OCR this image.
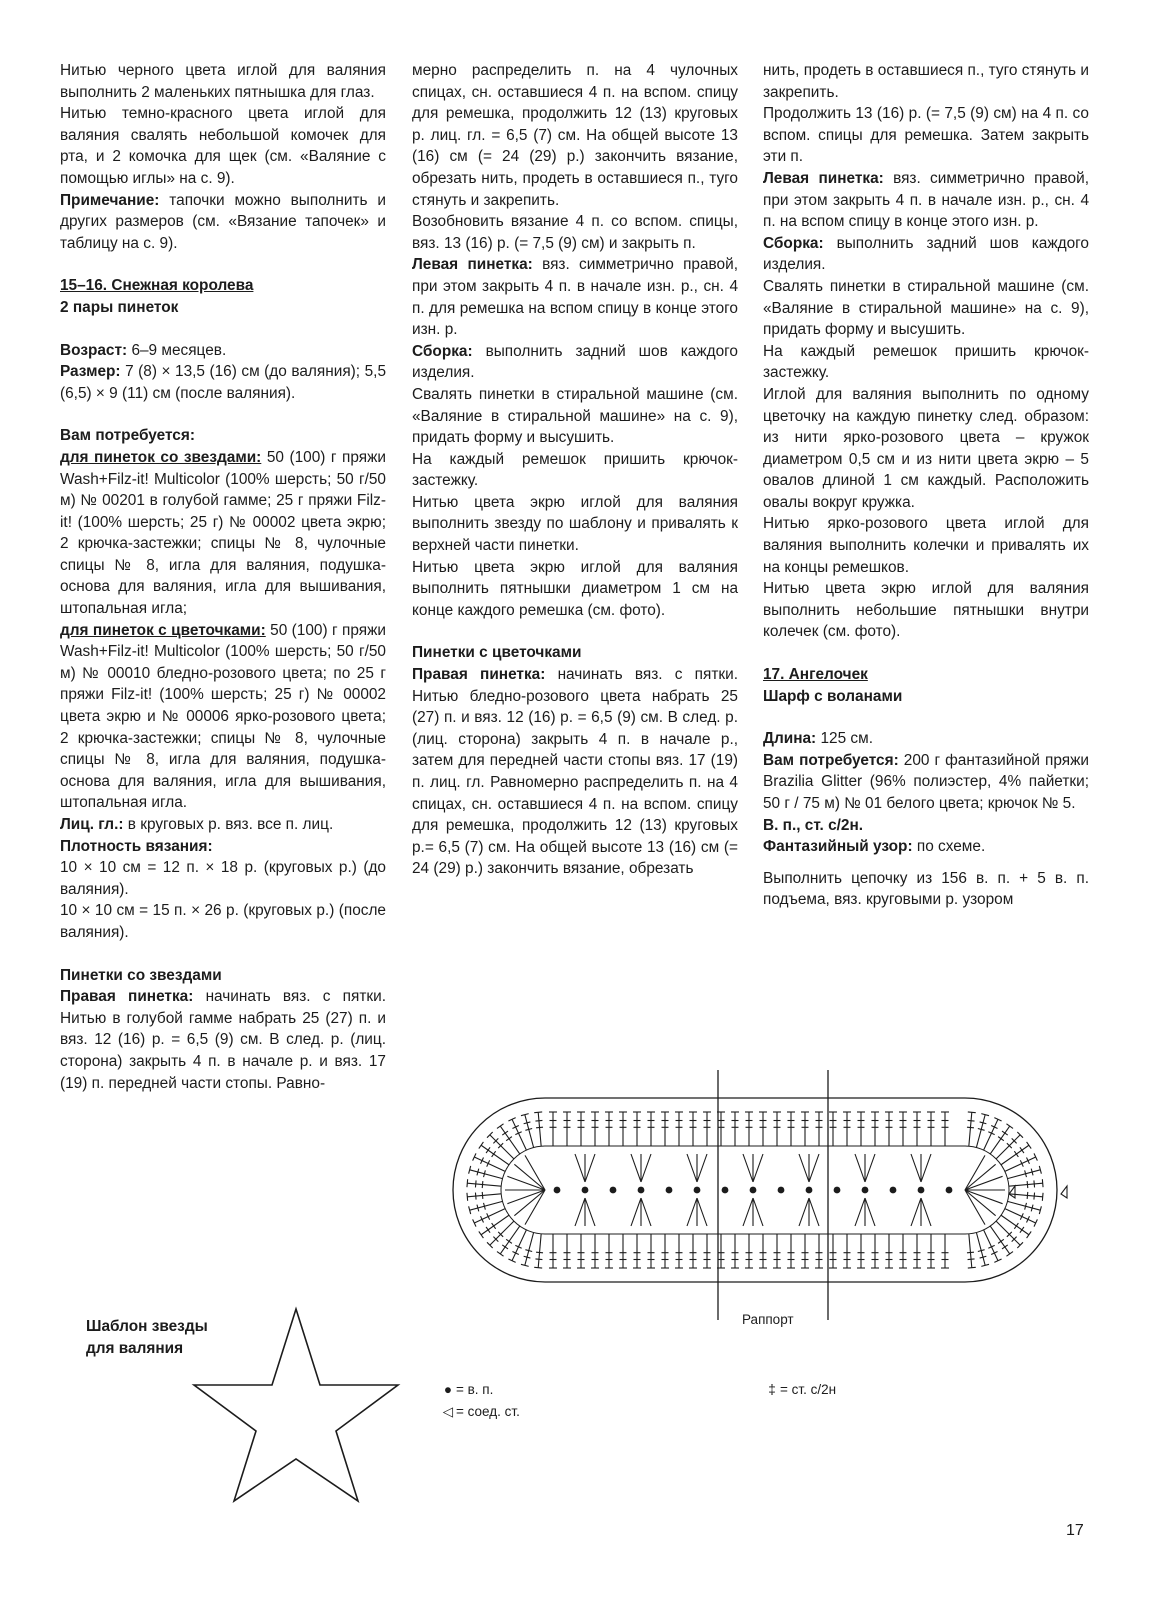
Нитью черного цвета иглой для валяния выполнить 2 маленьких пятнышка для глаз.

Нитью темно-красного цвета иглой для валяния свалять небольшой комочек для рта, и 2 комочка для щек (см. «Валяние с помощью иглы» на с. 9).

Примечание: тапочки можно выполнить и других размеров (см. «Вязание тапочек» и таблицу на с. 9).

15–16. Снежная королева

2 пары пинеток

Возраст: 6–9 месяцев.

Размер: 7 (8) × 13,5 (16) см (до валяния); 5,5 (6,5) × 9 (11) см (после валяния).

Вам потребуется:

для пинеток со звездами: 50 (100) г пряжи Wash+Filz-it! Multicolor (100% шерсть; 50 г/50 м) № 00201 в голубой гамме; 25 г пряжи Filz-it! (100% шерсть; 25 г) № 00002 цвета экрю; 2 крючка-застежки; спицы № 8, чулочные спицы № 8, игла для валяния, подушка-основа для валяния, игла для вышивания, штопальная игла;

для пинеток с цветочками: 50 (100) г пряжи Wash+Filz-it! Multicolor (100% шерсть; 50 г/50 м) № 00010 бледно-розового цвета; по 25 г пряжи Filz-it! (100% шерсть; 25 г) № 00002 цвета экрю и № 00006 ярко-розового цвета; 2 крючка-застежки; спицы № 8, чулочные спицы № 8, игла для валяния, подушка-основа для валяния, игла для вышивания, штопальная игла.

Лиц. гл.: в круговых р. вяз. все п. лиц.

Плотность вязания:

10 × 10 см = 12 п. × 18 р. (круговых р.) (до валяния).

10 × 10 см = 15 п. × 26 р. (круговых р.) (после валяния).

Пинетки со звездами

Правая пинетка: начинать вяз. с пятки. Нитью в голубой гамме набрать 25 (27) п. и вяз. 12 (16) р. = 6,5 (9) см. В след. р. (лиц. сторона) закрыть 4 п. в начале р. и вяз. 17 (19) п. передней части стопы. Равно-

мерно распределить п. на 4 чулочных спицах, сн. оставшиеся 4 п. на вспом. спицу для ремешка, продолжить 12 (13) круговых р. лиц. гл. = 6,5 (7) см. На общей высоте 13 (16) см (= 24 (29) р.) закончить вязание, обрезать нить, продеть в оставшиеся п., туго стянуть и закрепить.

Возобновить вязание 4 п. со вспом. спицы, вяз. 13 (16) р. (= 7,5 (9) см) и закрыть п.

Левая пинетка: вяз. симметрично правой, при этом закрыть 4 п. в начале изн. р., сн. 4 п. для ремешка на вспом спицу в конце этого изн. р.

Сборка: выполнить задний шов каждого изделия.

Свалять пинетки в стиральной машине (см. «Валяние в стиральной машине» на с. 9), придать форму и высушить.

На каждый ремешок пришить крючок-застежку.

Нитью цвета экрю иглой для валяния выполнить звезду по шаблону и привалять к верхней части пинетки.

Нитью цвета экрю иглой для валяния выполнить пятнышки диаметром 1 см на конце каждого ремешка (см. фото).

Пинетки с цветочками

Правая пинетка: начинать вяз. с пятки. Нитью бледно-розового цвета набрать 25 (27) п. и вяз. 12 (16) р. = 6,5 (9) см. В след. р. (лиц. сторона) закрыть 4 п. в начале р., затем для передней части стопы вяз. 17 (19) п. лиц. гл. Равномерно распределить п. на 4 спицах, сн. оставшиеся 4 п. на вспом. спицу для ремешка, продолжить 12 (13) круговых р.= 6,5 (7) см. На общей высоте 13 (16) см (= 24 (29) р.) закончить вязание, обрезать

нить, продеть в оставшиеся п., туго стянуть и закрепить.

Продолжить 13 (16) р. (= 7,5 (9) см) на 4 п. со вспом. спицы для ремешка. Затем закрыть эти п.

Левая пинетка: вяз. симметрично правой, при этом закрыть 4 п. в начале изн. р., сн. 4 п. на вспом спицу в конце этого изн. р.

Сборка: выполнить задний шов каждого изделия.

Свалять пинетки в стиральной машине (см. «Валяние в стиральной машине» на с. 9), придать форму и высушить.

На каждый ремешок пришить крючок-застежку.

Иглой для валяния выполнить по одному цветочку на каждую пинетку след. образом: из нити ярко-розового цвета – кружок диаметром 0,5 см и из нити цвета экрю – 5 овалов длиной 1 см каждый. Расположить овалы вокруг кружка.

Нитью ярко-розового цвета иглой для валяния выполнить колечки и привалять их на концы ремешков.

Нитью цвета экрю иглой для валяния выполнить небольшие пятнышки внутри колечек (см. фото).

17. Ангелочек

Шарф с воланами

Длина: 125 см.

Вам потребуется: 200 г фантазийной пряжи Brazilia Glitter (96% полиэстер, 4% пайетки; 50 г / 75 м) № 01 белого цвета; крючок № 5.

В. п., ст. с/2н.

Фантазийный узор: по схеме.

Выполнить цепочку из 156 в. п. + 5 в. п. подъема, вяз. круговыми р. узором

Шаблон звезды
для валяния
Раппорт
● = в. п.
◁ = соед. ст.
‡ = ст. с/2н
17
